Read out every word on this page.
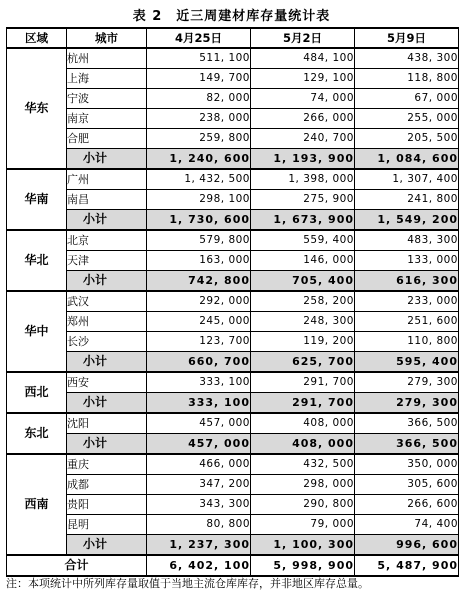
表 2　近三周建材库存量统计表
区域	城市	4月25日	5月2日	5月9日
华东	杭州	511, 100	484, 100	438, 300
	上海	149, 700	129, 100	118, 800
	宁波	82, 000	74, 000	67, 000
	南京	238, 000	266, 000	255, 000
	合肥	259, 800	240, 700	205, 500
	小计	1, 240, 600	1, 193, 900	1, 084, 600
华南	广州	1, 432, 500	1, 398, 000	1, 307, 400
	南昌	298, 100	275, 900	241, 800
	小计	1, 730, 600	1, 673, 900	1, 549, 200
华北	北京	579, 800	559, 400	483, 300
	天津	163, 000	146, 000	133, 000
	小计	742, 800	705, 400	616, 300
华中	武汉	292, 000	258, 200	233, 000
	郑州	245, 000	248, 300	251, 600
	长沙	123, 700	119, 200	110, 800
	小计	660, 700	625, 700	595, 400
西北	西安	333, 100	291, 700	279, 300
	小计	333, 100	291, 700	279, 300
东北	沈阳	457, 000	408, 000	366, 500
	小计	457, 000	408, 000	366, 500
西南	重庆	466, 000	432, 500	350, 000
	成都	347, 200	298, 000	305, 600
	贵阳	343, 300	290, 800	266, 600
	昆明	80, 800	79, 000	74, 400
	小计	1, 237, 300	1, 100, 300	996, 600
合计		6, 402, 100	5, 998, 900	5, 487, 900
注：本项统计中所列库存量取值于当地主流仓库库存，并非地区库存总量。
